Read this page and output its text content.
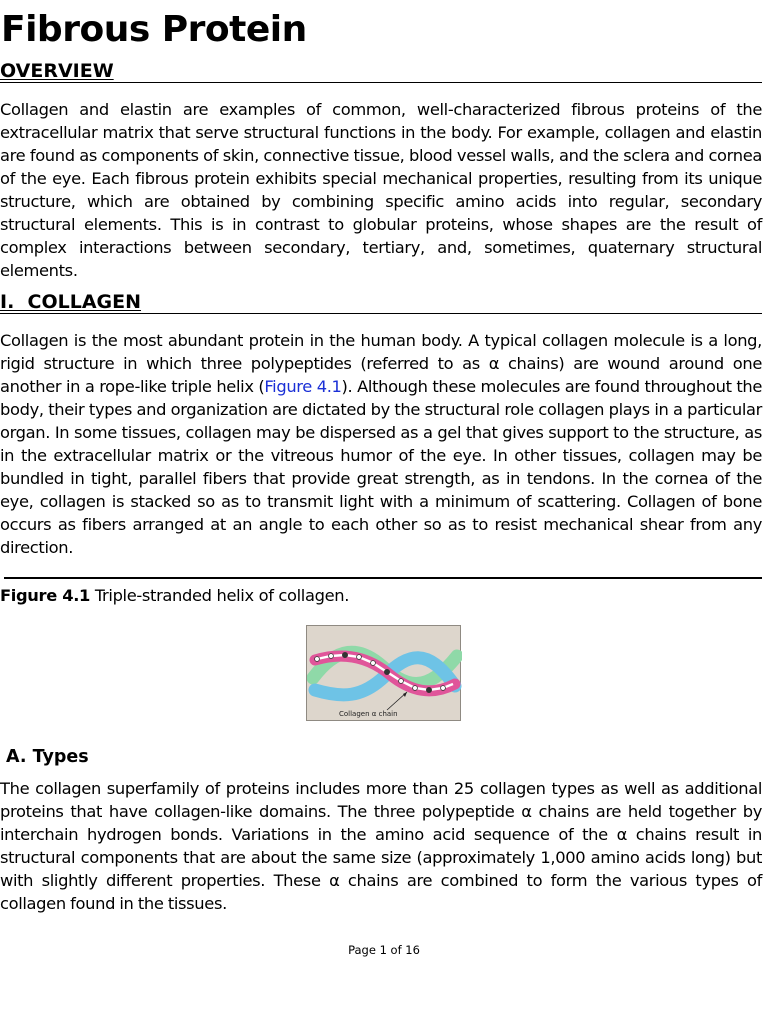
Fibrous Protein
OVERVIEW

Collagen and elastin are examples of common, well-characterized fibrous proteins of the extracellular matrix that serve structural functions in the body. For example, collagen and elastin are found as components of skin, connective tissue, blood vessel walls, and the sclera and cornea of the eye. Each fibrous protein exhibits special mechanical properties, resulting from its unique structure, which are obtained by combining specific amino acids into regular, secondary structural elements. This is in contrast to globular proteins, whose shapes are the result of complex interactions between secondary, tertiary, and, sometimes, quaternary structural elements.

I.  COLLAGEN

Collagen is the most abundant protein in the human body. A typical collagen molecule is a long, rigid structure in which three polypeptides (referred to as α chains) are wound around one another in a rope-like triple helix (Figure 4.1). Although these molecules are found throughout the body, their types and organization are dictated by the structural role collagen plays in a particular organ. In some tissues, collagen may be dispersed as a gel that gives support to the structure, as in the extracellular matrix or the vitreous humor of the eye. In other tissues, collagen may be bundled in tight, parallel fibers that provide great strength, as in tendons. In the cornea of the eye, collagen is stacked so as to transmit light with a minimum of scattering. Collagen of bone occurs as fibers arranged at an angle to each other so as to resist mechanical shear from any direction.

Figure 4.1 Triple-stranded helix of collagen.

Collagen α chain
A. Types

The collagen superfamily of proteins includes more than 25 collagen types as well as additional proteins that have collagen-like domains. The three polypeptide α chains are held together by interchain hydrogen bonds. Variations in the amino acid sequence of the α chains result in structural components that are about the same size (approximately 1,000 amino acids long) but with slightly different properties. These α chains are combined to form the various types of collagen found in the tissues.

Page 1 of 16
